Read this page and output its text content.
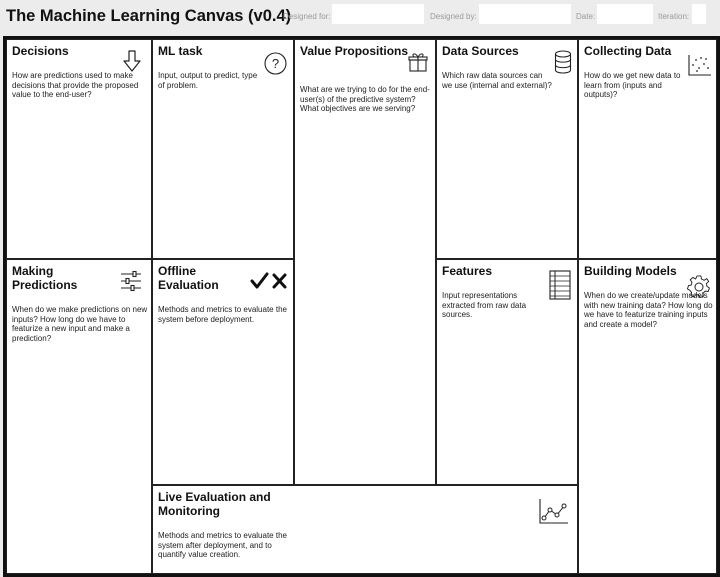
The Machine Learning Canvas (v0.4)
Designed for:	Designed by:	Date:	Iteration:
Decisions

How are predictions used to make decisions that provide the proposed value to the end-user?

ML task

Input, output to predict, type of problem.

?
Value Propositions

What are we trying to do for the end-user(s) of the predictive system? What objectives are we serving?

Data Sources

Which raw data sources can we use (internal and external)?

Collecting Data

How do we get new data to learn from (inputs and outputs)?

Making Predictions

When do we make predictions on new inputs? How long do we have to featurize a new input and make a prediction?

Offline Evaluation

Methods and metrics to evaluate the system before deployment.

Features

Input representations extracted from raw data sources.

Building Models

When do we create/update models with new training data? How long do we have to featurize training inputs and create a model?

Live Evaluation and Monitoring

Methods and metrics to evaluate the system after deployment, and to quantify value creation.
